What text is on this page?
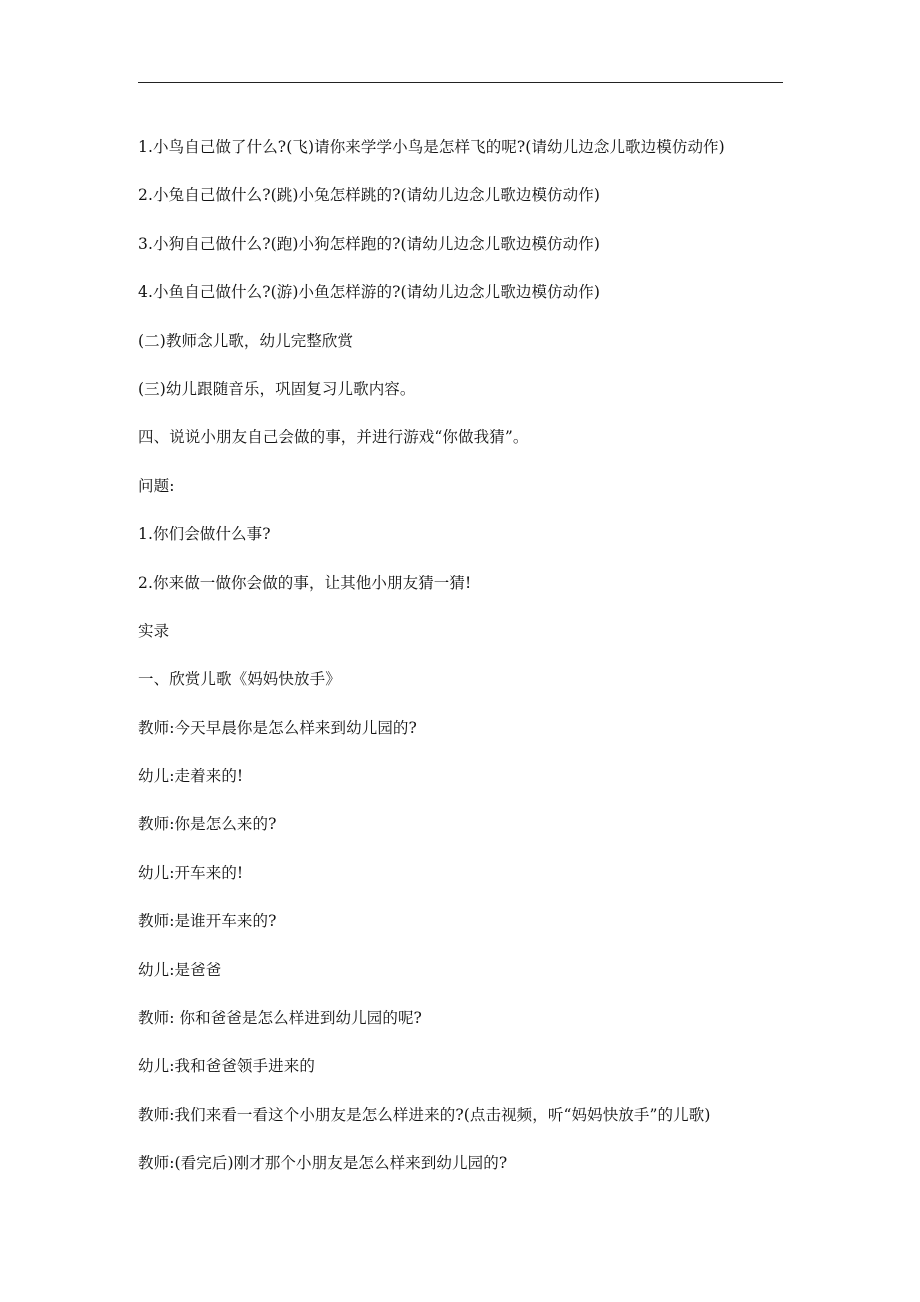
1.小鸟自己做了什么?(飞)请你来学学小鸟是怎样飞的呢?(请幼儿边念儿歌边模仿动作)
2.小兔自己做什么?(跳)小兔怎样跳的?(请幼儿边念儿歌边模仿动作)
3.小狗自己做什么?(跑)小狗怎样跑的?(请幼儿边念儿歌边模仿动作)
4.小鱼自己做什么?(游)小鱼怎样游的?(请幼儿边念儿歌边模仿动作)
(二)教师念儿歌，幼儿完整欣赏
(三)幼儿跟随音乐，巩固复习儿歌内容。
四、说说小朋友自己会做的事，并进行游戏“你做我猜”。
问题:
1.你们会做什么事?
2.你来做一做你会做的事，让其他小朋友猜一猜!
实录
一、欣赏儿歌《妈妈快放手》
教师:今天早晨你是怎么样来到幼儿园的?
幼儿:走着来的!
教师:你是怎么来的?
幼儿:开车来的!
教师:是谁开车来的?
幼儿:是爸爸
教师: 你和爸爸是怎么样进到幼儿园的呢?
幼儿:我和爸爸领手进来的
教师:我们来看一看这个小朋友是怎么样进来的?(点击视频，听“妈妈快放手”的儿歌)
教师:(看完后)刚才那个小朋友是怎么样来到幼儿园的?
